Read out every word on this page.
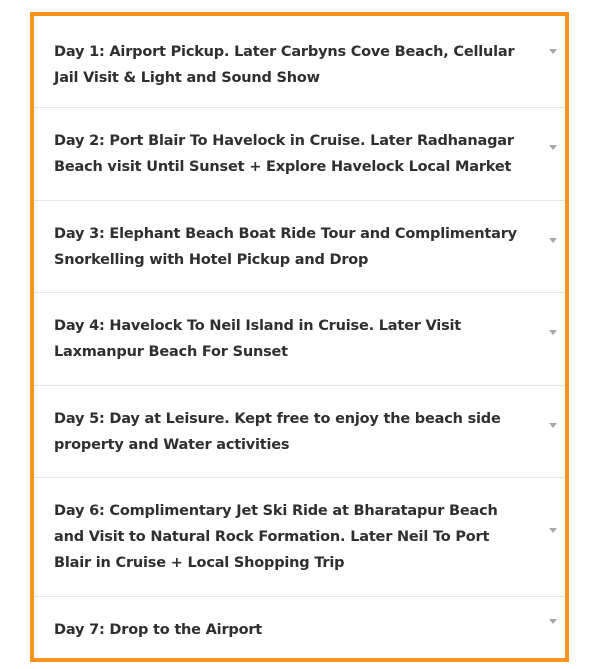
Day 1: Airport Pickup. Later Carbyns Cove Beach, Cellular Jail Visit & Light and Sound Show
Day 2: Port Blair To Havelock in Cruise. Later Radhanagar Beach visit Until Sunset + Explore Havelock Local Market
Day 3: Elephant Beach Boat Ride Tour and Complimentary Snorkelling with Hotel Pickup and Drop
Day 4: Havelock To Neil Island in Cruise. Later Visit Laxmanpur Beach For Sunset
Day 5: Day at Leisure. Kept free to enjoy the beach side property and Water activities
Day 6: Complimentary Jet Ski Ride at Bharatapur Beach and Visit to Natural Rock Formation. Later Neil To Port Blair in Cruise + Local Shopping Trip
Day 7: Drop to the Airport
